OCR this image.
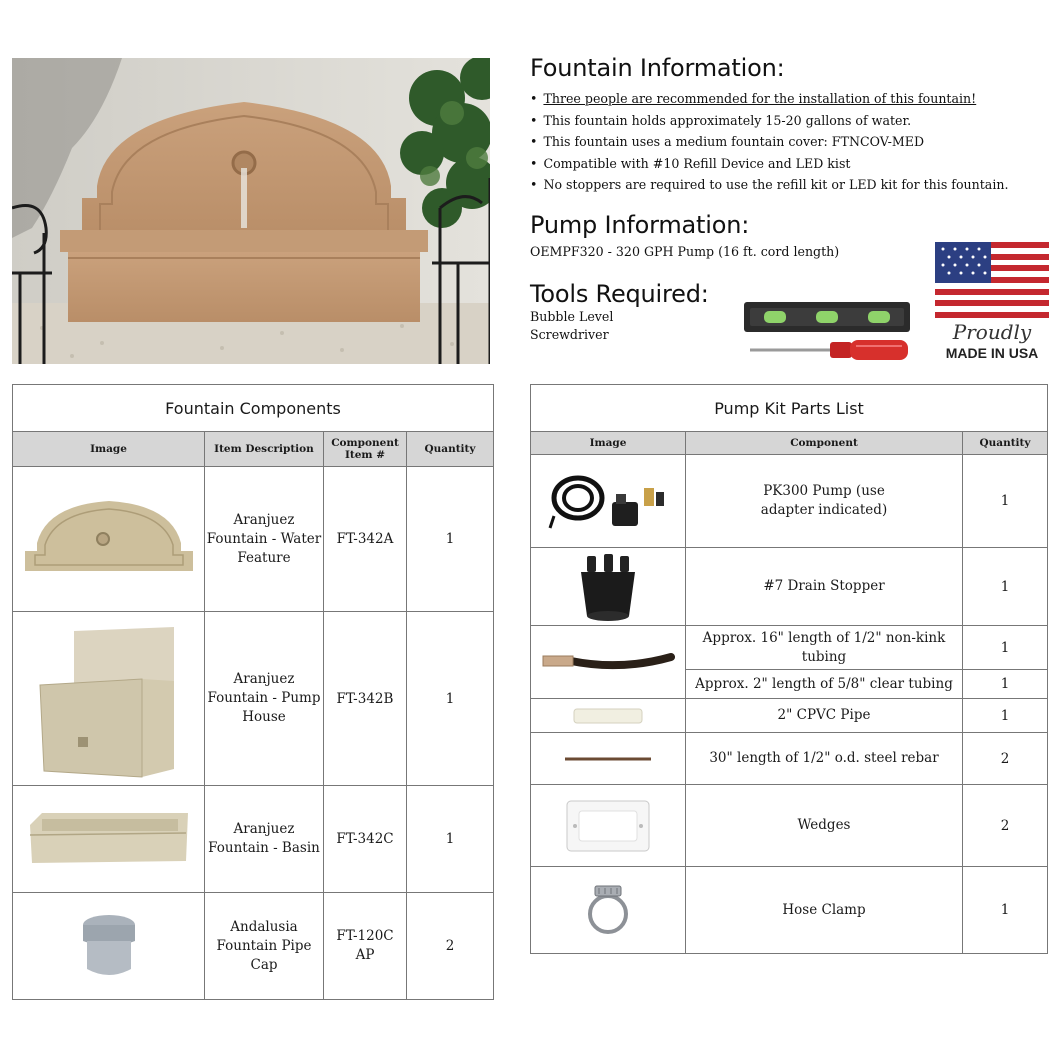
Fountain Information:
• Three people are recommended for the installation of this fountain!
• This fountain holds approximately 15-20 gallons of water.
• This fountain uses a medium fountain cover: FTNCOV-MED
• Compatible with #10 Refill Device and LED kist
• No stoppers are required to use the refill kit or LED kit for this fountain.
Pump Information:
OEMPF320 - 320 GPH Pump (16 ft. cord length)
Tools Required:
Bubble Level
Screwdriver	Proudly
MADE IN USA
Fountain Components			
Image	Item Description	Component Item #	Quantity

	Aranjuez Fountain - Water Feature	FT-342A	1

	Aranjuez Fountain - Pump House	FT-342B	1

	Aranjuez Fountain - Basin	FT-342C	1

	Andalusia Fountain Pipe Cap	FT-120CAP	2
Pump Kit Parts List		
Image	Component	Quantity

	PK300 Pump (use adapter indicated)	1

	#7 Drain Stopper	1

	Approx. 16" length of 1/2" non-kink tubing	1
	Approx. 2" length of 5/8" clear tubing	1

	2" CPVC Pipe	1

	30" length of 1/2" o.d. steel rebar	2

	Wedges	2

	Hose Clamp	1
